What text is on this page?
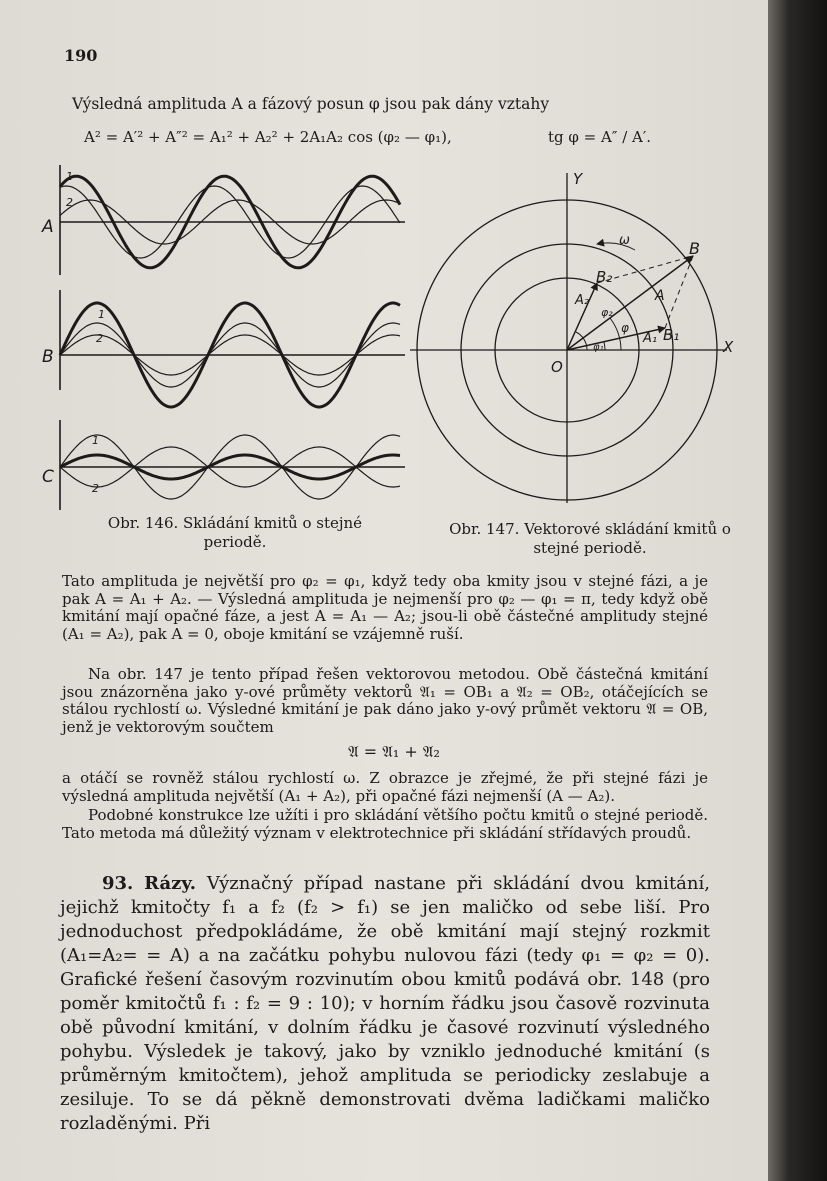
190
Výsledná amplituda A a fázový posun φ jsou pak dány vztahy
A² = A′² + A″² = A₁² + A₂² + 2A₁A₂ cos (φ₂ — φ₁),	tg φ = A″ / A′.
A
B
C
1
2
1
2
1
2
Y
X
O
B
B₁
B₂
A
A₁
A₂
ω
φ
φ₁
φ₂
Obr. 146. Skládání kmitů o stejné periodě.
Obr. 147. Vektorové skládání kmitů o stejné periodě.
Tato amplituda je největší pro φ₂ = φ₁, když tedy oba kmity jsou v stejné fázi, a je pak A = A₁ + A₂. — Výsledná amplituda je nejmenší pro φ₂ — φ₁ = π, tedy když obě kmitání mají opačné fáze, a jest A = A₁ — A₂; jsou-li obě částečné amplitudy stejné (A₁ = A₂), pak A = 0, oboje kmitání se vzájemně ruší.
Na obr. 147 je tento případ řešen vektorovou metodou. Obě částečná kmitání jsou znázorněna jako y-ové průměty vektorů 𝔄₁ = OB₁ a 𝔄₂ = OB₂, otáčejících se stálou rychlostí ω. Výsledné kmitání je pak dáno jako y-ový průmět vektoru 𝔄 = OB, jenž je vektorovým součtem
𝔄 = 𝔄₁ + 𝔄₂
a otáčí se rovněž stálou rychlostí ω. Z obrazce je zřejmé, že při stejné fázi je výsledná amplituda největší (A₁ + A₂), při opačné fázi nejmenší (A — A₂).
Podobné konstrukce lze užíti i pro skládání většího počtu kmitů o stejné periodě. Tato metoda má důležitý význam v elektrotechnice při skládání střídavých proudů.
93. Rázy. Význačný případ nastane při skládání dvou kmitání, jejichž kmitočty f₁ a f₂ (f₂ > f₁) se jen maličko od sebe liší. Pro jednoduchost předpokládáme, že obě kmitání mají stejný rozkmit (A₁=A₂= = A) a na začátku pohybu nulovou fázi (tedy φ₁ = φ₂ = 0). Grafické řešení časovým rozvinutím obou kmitů podává obr. 148 (pro poměr kmitočtů f₁ : f₂ = 9 : 10); v horním řádku jsou časově rozvinuta obě původní kmitání, v dolním řádku je časové rozvinutí výsledného pohybu. Výsledek je takový, jako by vzniklo jednoduché kmitání (s průměrným kmitočtem), jehož amplituda se periodicky zeslabuje a zesiluje. To se dá pěkně demonstrovati dvěma ladičkami maličko rozladěnými. Při
